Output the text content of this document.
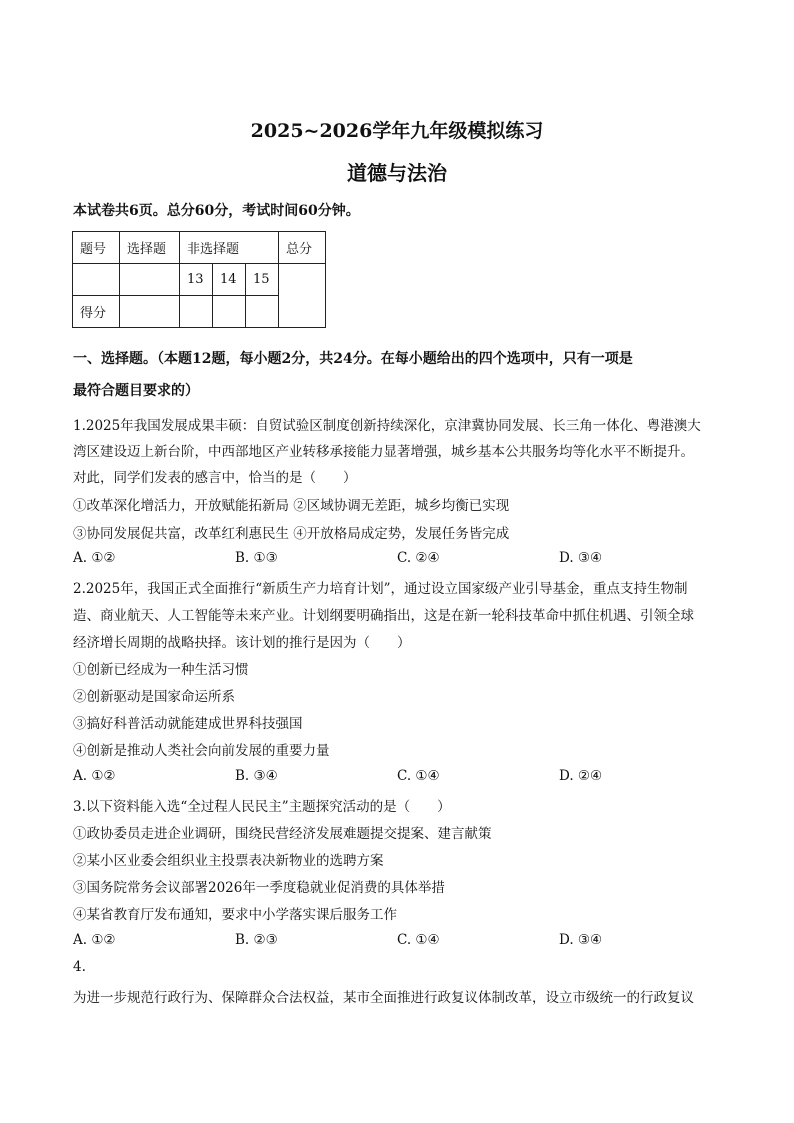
2025~2026学年九年级模拟练习
道德与法治
本试卷共6页。总分60分，考试时间60分钟。
题号	选择题	非选择题			总分
		13	14	15	
得分					
一、选择题。（本题12题，每小题2分，共24分。在每小题给出的四个选项中，只有一项是
最符合题目要求的）
1.2025年我国发展成果丰硕：自贸试验区制度创新持续深化，京津冀协同发展、长三角一体化、粤港澳大
湾区建设迈上新台阶，中西部地区产业转移承接能力显著增强，城乡基本公共服务均等化水平不断提升。
对此，同学们发表的感言中，恰当的是（　　）
①改革深化增活力，开放赋能拓新局 ②区域协调无差距，城乡均衡已实现
③协同发展促共富，改革红利惠民生 ④开放格局成定势，发展任务皆完成
A. ①②	B. ①③	C. ②④	D. ③④
2.2025年，我国正式全面推行“新质生产力培育计划”，通过设立国家级产业引导基金，重点支持生物制
造、商业航天、人工智能等未来产业。计划纲要明确指出，这是在新一轮科技革命中抓住机遇、引领全球
经济增长周期的战略抉择。该计划的推行是因为（　　）
①创新已经成为一种生活习惯
②创新驱动是国家命运所系
③搞好科普活动就能建成世界科技强国
④创新是推动人类社会向前发展的重要力量
A. ①②	B. ③④	C. ①④	D. ②④
3.以下资料能入选“全过程人民民主”主题探究活动的是（　　）
①政协委员走进企业调研，围绕民营经济发展难题提交提案、建言献策
②某小区业委会组织业主投票表决新物业的选聘方案
③国务院常务会议部署2026年一季度稳就业促消费的具体举措
④某省教育厅发布通知，要求中小学落实课后服务工作
A. ①②	B. ②③	C. ①④	D. ③④
4.
为进一步规范行政行为、保障群众合法权益，某市全面推进行政复议体制改革，设立市级统一的行政复议
